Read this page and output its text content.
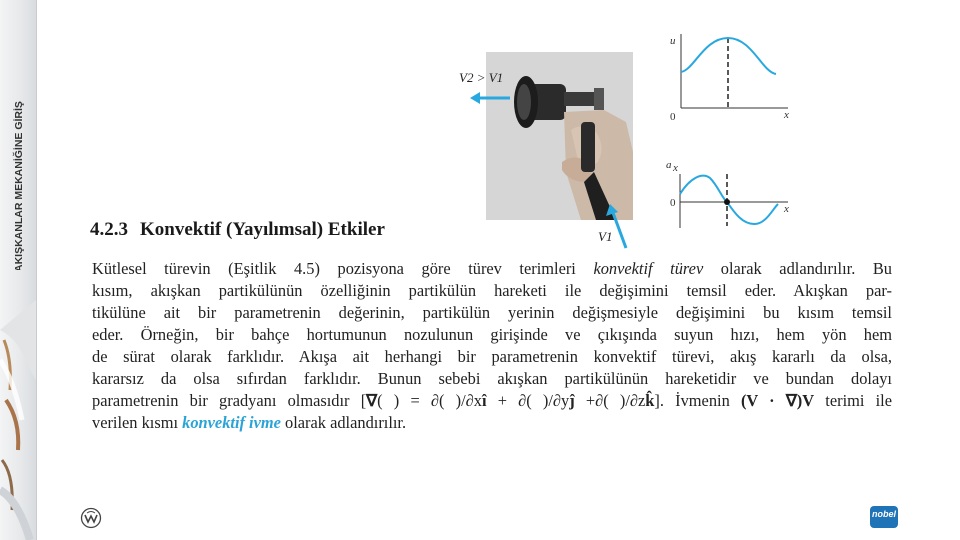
AKIŞKANLAR MEKANİĞİNE GİRİŞ
V2 > V1
V1
u
0	x
a x
0	x
4.2.3 Konvektif (Yayılımsal) Etkiler
Kütlesel türevin (Eşitlik 4.5) pozisyona göre türev terimleri konvektif türev olarak adlandırılır. Bu
kısım, akışkan partikülünün özelliğinin partikülün hareketi ile değişimini temsil eder. Akışkan par-
tikülüne ait bir parametrenin değerinin, partikülün yerinin değişmesiyle değişimini bu kısım temsil
eder. Örneğin, bir bahçe hortumunun nozulunun girişinde ve çıkışında suyun hızı, hem yön hem
de sürat olarak farklıdır. Akışa ait herhangi bir parametrenin konvektif türevi, akış kararlı da olsa,
kararsız da olsa sıfırdan farklıdır. Bunun sebebi akışkan partikülünün hareketidir ve bundan dolayı
parametrenin bir gradyanı olmasıdır [∇( ) = ∂( )/∂xî + ∂( )/∂yĵ +∂( )/∂zk̂]. İvmenin (V · ∇)V terimi ile
verilen kısmı konvektif ivme olarak adlandırılır.
nobel
